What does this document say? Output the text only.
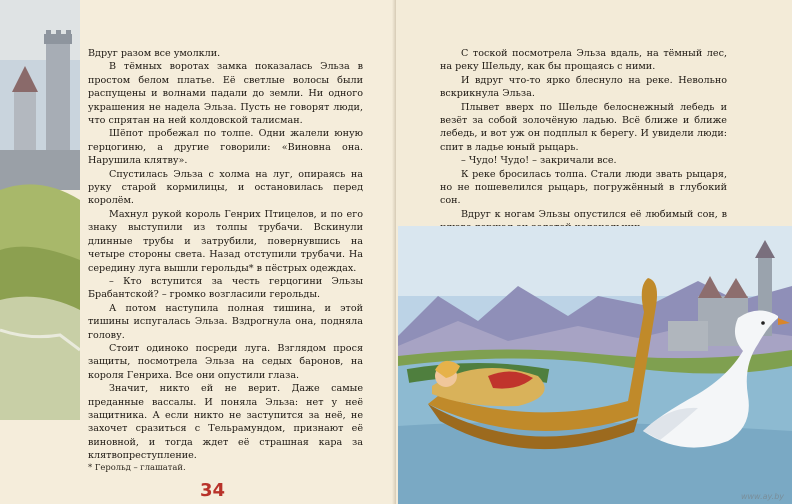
Вдруг разом все умолкли.

В тёмных воротах замка показалась Эльза в простом белом платье. Её светлые волосы были распущены и волнами падали до земли. Ни одного украшения не надела Эльза. Пусть не говорят люди, что спрятан на ней колдовской талисман.

Шёпот пробежал по толпе. Одни жалели юную герцогиню, а другие говорили: «Виновна она. Нарушила клятву».

Спустилась Эльза с холма на луг, опираясь на руку старой кормилицы, и остановилась перед королём.

Махнул рукой король Генрих Птицелов, и по его знаку выступили из толпы трубачи. Вскинули длинные трубы и затрубили, повернувшись на четыре стороны света. Назад отступили трубачи. На середину луга вышли герольды* в пёстрых одеждах.

– Кто вступится за честь герцогини Эльзы Брабантской? – громко возгласили герольды.

А потом наступила полная тишина, и этой тишины испугалась Эльза. Вздрогнула она, подняла голову.

Стоит одиноко посреди луга. Взглядом прося защиты, посмотрела Эльза на седых баронов, на короля Генриха. Все они опустили глаза.

Значит, никто ей не верит. Даже самые преданные вассалы. И поняла Эльза: нет у неё защитника. А если никто не заступится за неё, не захочет сразиться с Тельрамундом, признают её виновной, и тогда ждет её страшная кара за клятвопреступление.

* Герольд – глашатай.
34

С тоской посмотрела Эльза вдаль, на тёмный лес, на реку Шельду, как бы прощаясь с ними.

И вдруг что-то ярко блеснуло на реке. Невольно вскрикнула Эльза.

Плывет вверх по Шельде белоснежный лебедь и везёт за собой золочёную ладью. Всё ближе и ближе лебедь, и вот уж он подплыл к берегу. И увидели люди: спит в ладье юный рыцарь.

– Чудо! Чудо! – закричали все.

К реке бросилась толпа. Стали люди звать рыцаря, но не пошевелился рыцарь, погружённый в глубокий сон.

Вдруг к ногам Эльзы опустился её любимый сон, в

www.ay.by
